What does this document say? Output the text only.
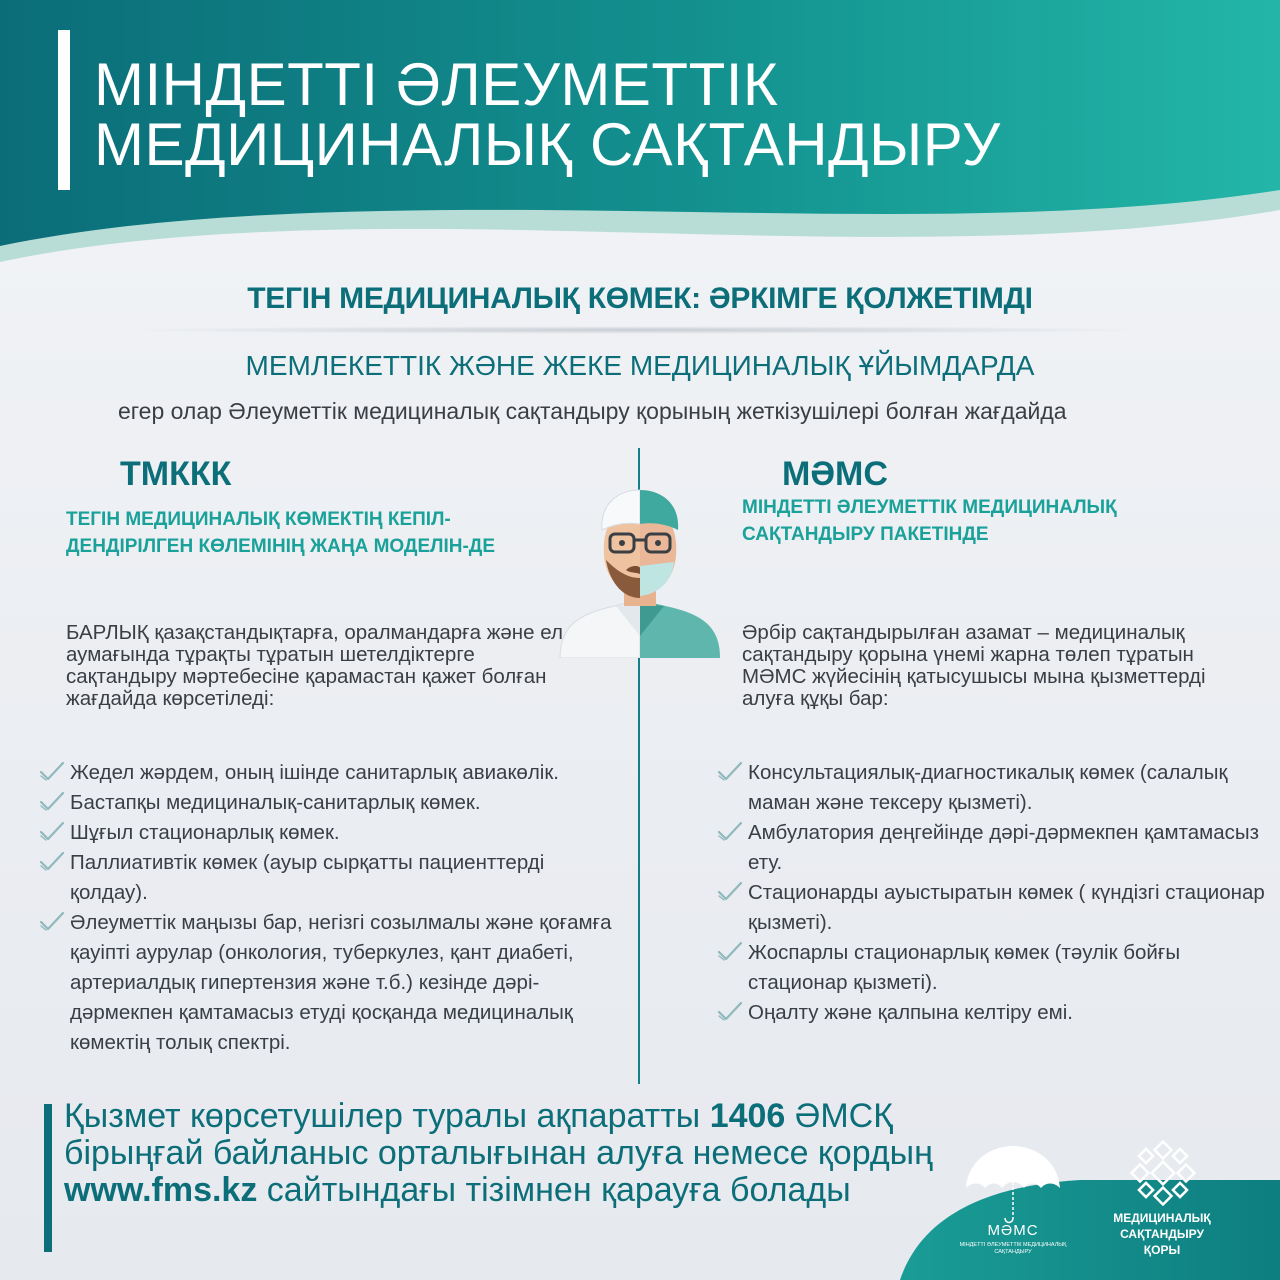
МІНДЕТТІ ӘЛЕУМЕТТІК
МЕДИЦИНАЛЫҚ САҚТАНДЫРУ
ТЕГІН МЕДИЦИНАЛЫҚ КӨМЕК: ӘРКІМГЕ ҚОЛЖЕТІМДІ
МЕМЛЕКЕТТІК ЖӘНЕ ЖЕКЕ МЕДИЦИНАЛЫҚ ҰЙЫМДАРДА
егер олар Әлеуметтік медициналық сақтандыру қорының жеткізушілері болған жағдайда
ТМККК
ТЕГІН МЕДИЦИНАЛЫҚ КӨМЕКТІҢ КЕПІЛ-ДЕНДІРІЛГЕН КӨЛЕМІНІҢ ЖАҢА МОДЕЛІН-ДЕ
БАРЛЫҚ қазақстандықтарға, оралмандарға және ел аумағында тұрақты тұратын шетелдіктерге сақтандыру мәртебесіне қарамастан қажет болған жағдайда көрсетіледі:
Жедел жәрдем, оның ішінде санитарлық авиакөлік.
Бастапқы медициналық-санитарлық көмек.
Шұғыл стационарлық көмек.
Паллиативтік көмек (ауыр сырқатты пациенттерді қолдау).
Әлеуметтік маңызы бар, негізгі созылмалы және қоғамға қауіпті аурулар (онкология, туберкулез, қант диабеті, артериалдық гипертензия және т.б.) кезінде дәрі-дәрмекпен қамтамасыз етуді қосқанда медициналық көмектің толық спектрі.
МӘМС
МІНДЕТТІ ӘЛЕУМЕТТІК МЕДИЦИНАЛЫҚ САҚТАНДЫРУ ПАКЕТІНДЕ
Әрбір сақтандырылған азамат – медициналық сақтандыру қорына үнемі жарна төлеп тұратын МӘМС жүйесінің қатысушысы мына қызметтерді алуға құқы бар:
Консультациялық-диагностикалық көмек (салалық маман және тексеру қызметі).
Амбулатория деңгейінде дәрі-дәрмекпен қамтамасыз ету.
Стационарды ауыстыратын көмек ( күндізгі стационар қызметі).
Жоспарлы стационарлық көмек (тәулік бойғы стационар қызметі).
Оңалту және қалпына келтіру емі.
Қызмет көрсетушілер туралы ақпаратты 1406 ӘМСҚ бірыңғай байланыс орталығынан алуға немесе қордың www.fms.kz сайтындағы тізімнен қарауға болады
МӘМС
МІНДЕТТІ ӘЛЕУМЕТТІК МЕДИЦИНАЛЫҚ САҚТАНДЫРУ
МЕДИЦИНАЛЫҚ
САҚТАНДЫРУ
ҚОРЫ
